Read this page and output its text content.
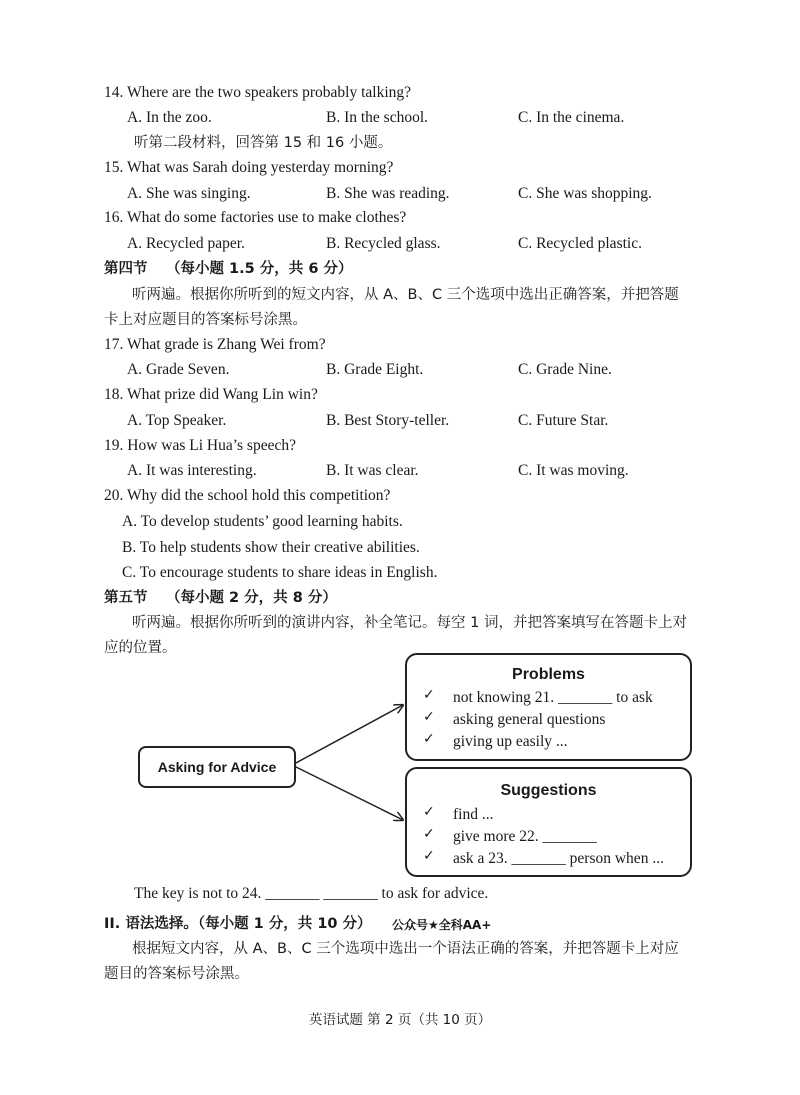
14. Where are the two speakers probably talking?
A. In the zoo.	B. In the school.	C. In the cinema.
听第二段材料，回答第 15 和 16 小题。
15. What was Sarah doing yesterday morning?
A. She was singing.	B. She was reading.	C. She was shopping.
16. What do some factories use to make clothes?
A. Recycled paper.	B. Recycled glass.	C. Recycled plastic.
第四节 （每小题 1.5 分，共 6 分）
听两遍。根据你所听到的短文内容，从 A、B、C 三个选项中选出正确答案，并把答题
卡上对应题目的答案标号涂黑。
17. What grade is Zhang Wei from?
A. Grade Seven.	B. Grade Eight.	C. Grade Nine.
18. What prize did Wang Lin win?
A. Top Speaker.	B. Best Story-teller.	C. Future Star.
19. How was Li Hua’s speech?
A. It was interesting.	B. It was clear.	C. It was moving.
20. Why did the school hold this competition?
A. To develop students’ good learning habits.
B. To help students show their creative abilities.
C. To encourage students to share ideas in English.
第五节 （每小题 2 分，共 8 分）
听两遍。根据你所听到的演讲内容，补全笔记。每空 1 词，并把答案填写在答题卡上对
应的位置。
Asking for Advice
Problems
✓ not knowing 21. _______ to ask
✓ asking general questions
✓ giving up easily ...
Suggestions
✓ find ...
✓ give more 22. _______
✓ ask a 23. _______ person when ...
The key is not to 24. _______ _______ to ask for advice.
II. 语法选择。（每小题 1 分，共 10 分） 公众号★全科AA+
根据短文内容，从 A、B、C 三个选项中选出一个语法正确的答案，并把答题卡上对应
题目的答案标号涂黑。
英语试题 第 2 页（共 10 页）
